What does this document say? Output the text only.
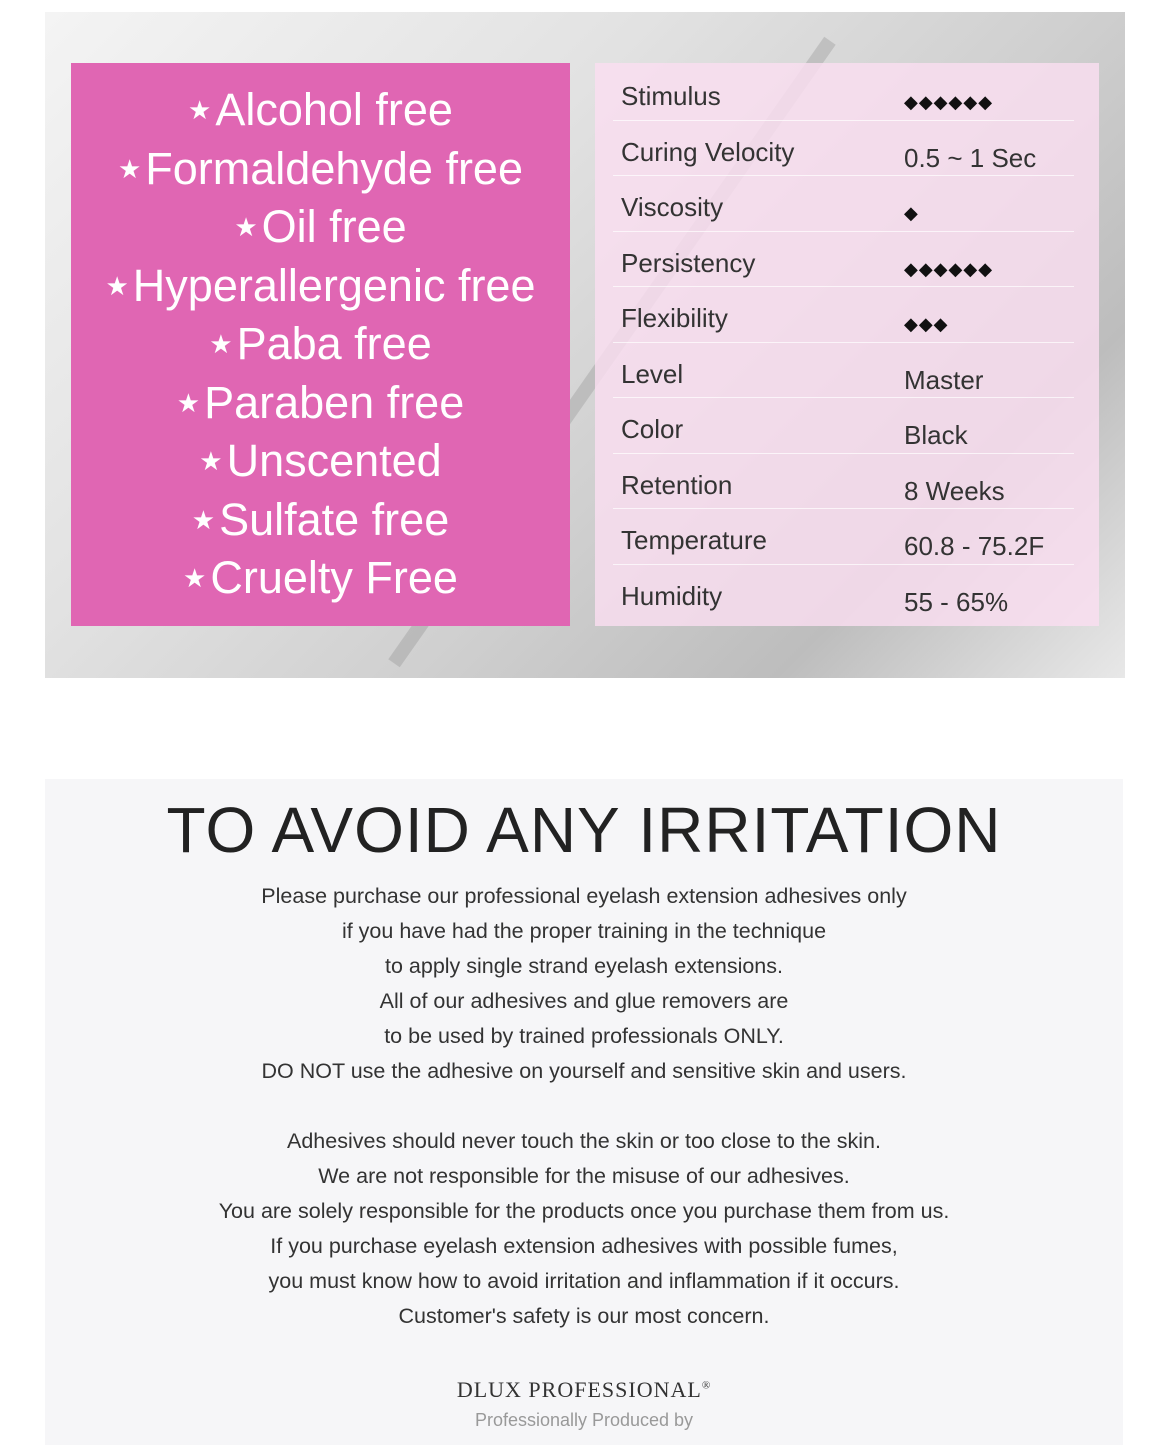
★Alcohol free
★Formaldehyde free
★Oil free
★Hyperallergenic free
★Paba free
★Paraben free
★Unscented
★Sulfate free
★Cruelty Free
Stimulus	◆◆◆◆◆◆
Curing Velocity	0.5 ~ 1 Sec
Viscosity	◆
Persistency	◆◆◆◆◆◆
Flexibility	◆◆◆
Level	Master
Color	Black
Retention	8 Weeks
Temperature	60.8 - 75.2F
Humidity	55 - 65%
TO AVOID ANY IRRITATION
Please purchase our professional eyelash extension adhesives only
if you have had the proper training in the technique
to apply single strand eyelash extensions.
All of our adhesives and glue removers are
to be used by trained professionals ONLY.
DO NOT use the adhesive on yourself and sensitive skin and users.
Adhesives should never touch the skin or too close to the skin.
We are not responsible for the misuse of our adhesives.
You are solely responsible for the products once you purchase them from us.
If you purchase eyelash extension adhesives with possible fumes,
you must know how to avoid irritation and inflammation if it occurs.
Customer's safety is our most concern.
DLUX PROFESSIONAL®
Professionally Produced by
